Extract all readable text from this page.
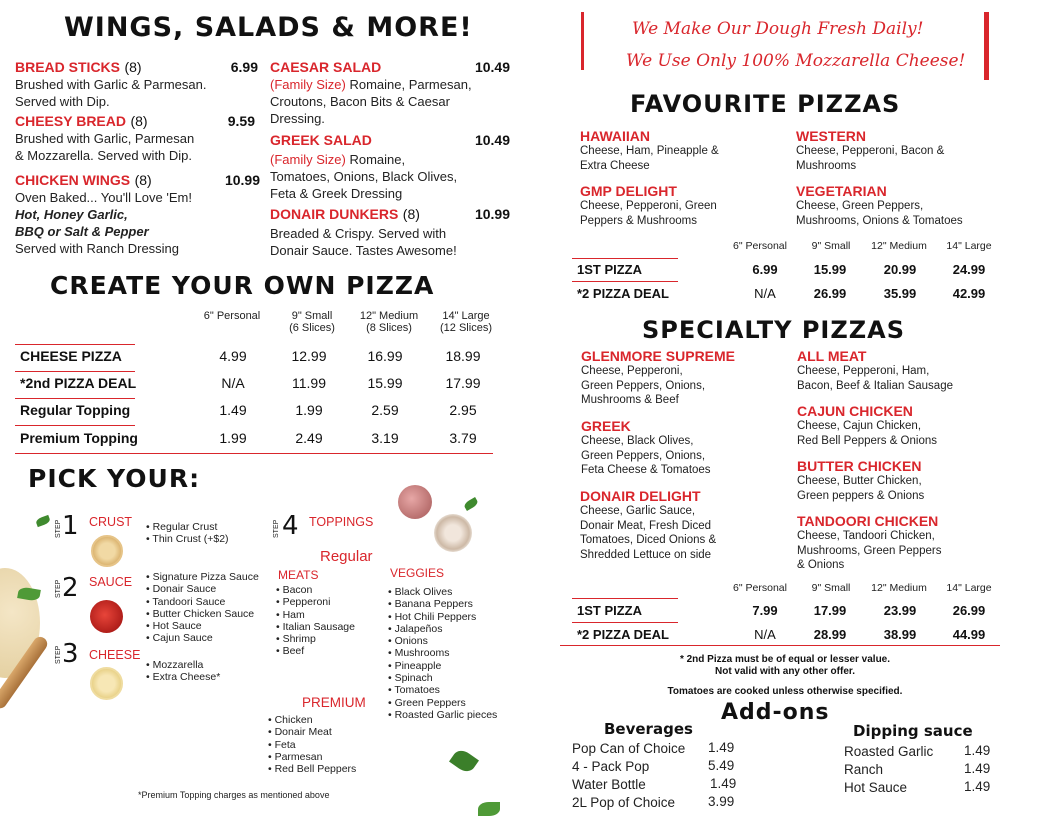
WINGS, SALADS & MORE!
BREAD STICKS (8)	6.99
Brushed with Garlic & Parmesan.
Served with Dip.
CHEESY BREAD (8)	9.59
Brushed with Garlic, Parmesan
& Mozzarella. Served with Dip.
CHICKEN WINGS (8)	10.99
Oven Baked... You'll Love 'Em!
Hot, Honey Garlic,
BBQ or Salt & Pepper
Served with Ranch Dressing
CAESAR SALAD	10.49
(Family Size) Romaine, Parmesan,
Croutons, Bacon Bits & Caesar
Dressing.
GREEK SALAD	10.49
(Family Size) Romaine,
Tomatoes, Onions, Black Olives,
Feta & Greek Dressing
DONAIR DUNKERS (8)	10.99
Breaded & Crispy. Served with
Donair Sauce. Tastes Awesome!
CREATE YOUR OWN PIZZA
6" Personal	9" Small
(6 Slices)
12" Medium
(8 Slices)
14" Large
(12 Slices)
CHEESE PIZZA	4.99	12.99	16.99	18.99
*2nd PIZZA DEAL	N/A	11.99	15.99	17.99
Regular Topping	1.49	1.99	2.59	2.95
Premium Topping	1.99	2.49	3.19	3.79
PICK YOUR:
STEP 1 CRUST	• Regular Crust
• Thin Crust (+$2)
STEP 2 SAUCE	• Signature Pizza Sauce
• Donair Sauce
• Tandoori Sauce
• Butter Chicken Sauce
• Hot Sauce
• Cajun Sauce
STEP 3 CHEESE
• Mozzarella
• Extra Cheese*
STEP 4 TOPPINGS
Regular
MEATS
• Bacon
• Pepperoni
• Ham
• Italian Sausage
• Shrimp
• Beef
VEGGIES
• Black Olives
• Banana Peppers
• Hot Chili Peppers
• Jalapeños
• Onions
• Mushrooms
• Pineapple
• Spinach
• Tomatoes
• Green Peppers
• Roasted Garlic pieces
PREMIUM
• Chicken
• Donair Meat
• Feta
• Parmesan
• Red Bell Peppers
*Premium Topping charges as mentioned above
We Make Our Dough Fresh Daily!
We Use Only 100% Mozzarella Cheese!
FAVOURITE PIZZAS
HAWAIIAN
Cheese, Ham, Pineapple &
Extra Cheese
WESTERN
Cheese, Pepperoni, Bacon &
Mushrooms
GMP DELIGHT
Cheese, Pepperoni, Green
Peppers & Mushrooms
VEGETARIAN
Cheese, Green Peppers,
Mushrooms, Onions & Tomatoes
6" Personal	9" Small	12" Medium	14" Large
1ST PIZZA	6.99	15.99	20.99	24.99
*2 PIZZA DEAL	N/A	26.99	35.99	42.99
SPECIALTY PIZZAS
GLENMORE SUPREME
Cheese, Pepperoni,
Green Peppers, Onions,
Mushrooms & Beef
GREEK
Cheese, Black Olives,
Green Peppers, Onions,
Feta Cheese & Tomatoes
DONAIR DELIGHT
Cheese, Garlic Sauce,
Donair Meat, Fresh Diced
Tomatoes, Diced Onions &
Shredded Lettuce on side
ALL MEAT
Cheese, Pepperoni, Ham,
Bacon, Beef & Italian Sausage
CAJUN CHICKEN
Cheese, Cajun Chicken,
Red Bell Peppers & Onions
BUTTER CHICKEN
Cheese, Butter Chicken,
Green peppers & Onions
TANDOORI CHICKEN
Cheese, Tandoori Chicken,
Mushrooms, Green Peppers
& Onions
6" Personal	9" Small	12" Medium	14" Large
1ST PIZZA	7.99	17.99	23.99	26.99
*2 PIZZA DEAL	N/A	28.99	38.99	44.99
* 2nd Pizza must be of equal or lesser value.
Not valid with any other offer.
Tomatoes are cooked unless otherwise specified.
Add-ons
Beverages
Pop Can of Choice 1.49
4 - Pack Pop	5.49
Water Bottle	1.49
2L Pop of Choice 3.99
Dipping sauce
Roasted Garlic 1.49
Ranch	1.49
Hot Sauce	1.49
